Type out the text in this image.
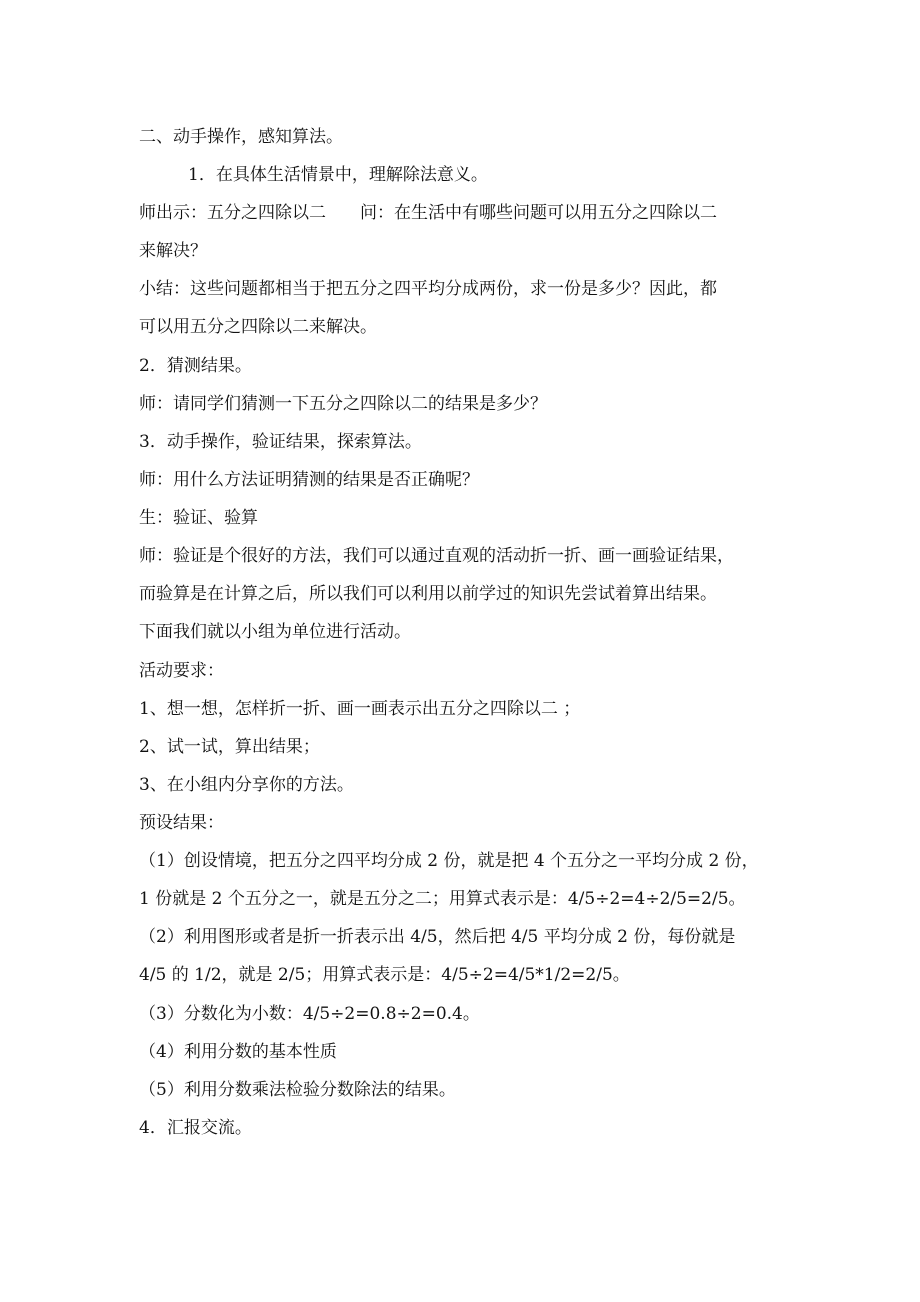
二、动手操作，感知算法。

1．在具体生活情景中，理解除法意义。

师出示：五分之四除以二　　问：在生活中有哪些问题可以用五分之四除以二

来解决？

小结：这些问题都相当于把五分之四平均分成两份，求一份是多少？因此，都

可以用五分之四除以二来解决。

2．猜测结果。

师：请同学们猜测一下五分之四除以二的结果是多少？

3．动手操作，验证结果，探索算法。

师：用什么方法证明猜测的结果是否正确呢？

生：验证、验算

师：验证是个很好的方法，我们可以通过直观的活动折一折、画一画验证结果，

而验算是在计算之后，所以我们可以利用以前学过的知识先尝试着算出结果。

下面我们就以小组为单位进行活动。

活动要求：

1、想一想，怎样折一折、画一画表示出五分之四除以二 ；

2、试一试，算出结果；

3、在小组内分享你的方法。

预设结果：

（1）创设情境，把五分之四平均分成 2 份，就是把 4 个五分之一平均分成 2 份，

1 份就是 2 个五分之一，就是五分之二；用算式表示是：4/5÷2=4÷2/5=2/5。

（2）利用图形或者是折一折表示出 4/5，然后把 4/5 平均分成 2 份，每份就是

4/5 的 1/2，就是 2/5；用算式表示是：4/5÷2=4/5*1/2=2/5。

（3）分数化为小数：4/5÷2=0.8÷2=0.4。

（4）利用分数的基本性质

（5）利用分数乘法检验分数除法的结果。

4．汇报交流。
